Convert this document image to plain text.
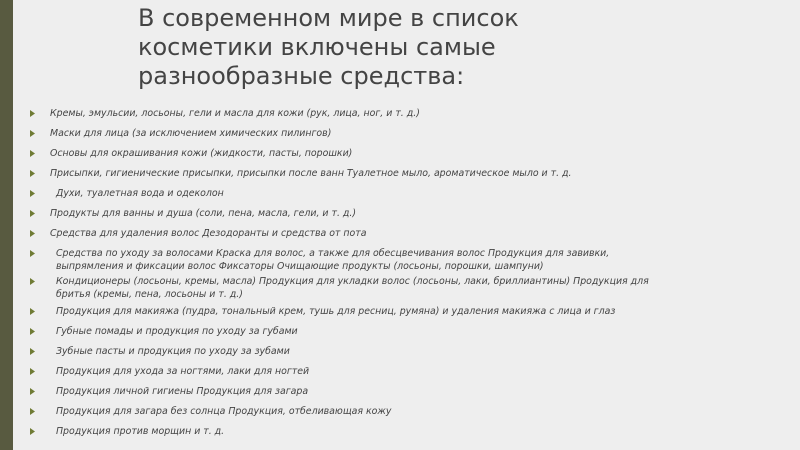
В современном мире в список
косметики включены самые
разнообразные средства:
Кремы, эмульсии, лосьоны, гели и масла для кожи (рук, лица, ног, и т. д.)
Маски для лица (за исключением химических пилингов)
Основы для окрашивания кожи (жидкости, пасты, порошки)
Присыпки, гигиенические присыпки, присыпки после ванн Туалетное мыло, ароматическое мыло и т. д.
Духи, туалетная вода и одеколон
Продукты для ванны и душа (соли, пена, масла, гели, и т. д.)
Средства для удаления волос Дезодоранты и средства от пота
Средства по уходу за волосами Краска для волос, а также для обесцвечивания волос Продукция для завивки,
выпрямления и фиксации волос Фиксаторы Очищающие продукты (лосьоны, порошки, шампуни)
Кондиционеры (лосьоны, кремы, масла) Продукция для укладки волос (лосьоны, лаки, бриллиантины) Продукция для
бритья (кремы, пена, лосьоны и т. д.)
Продукция для макияжа (пудра, тональный крем, тушь для ресниц, румяна) и удаления макияжа с лица и глаз
Губные помады и продукция по уходу за губами
Зубные пасты и продукция по уходу за зубами
Продукция для ухода за ногтями, лаки для ногтей
Продукция личной гигиены Продукция для загара
Продукция для загара без солнца Продукция, отбеливающая кожу
Продукция против морщин и т. д.
